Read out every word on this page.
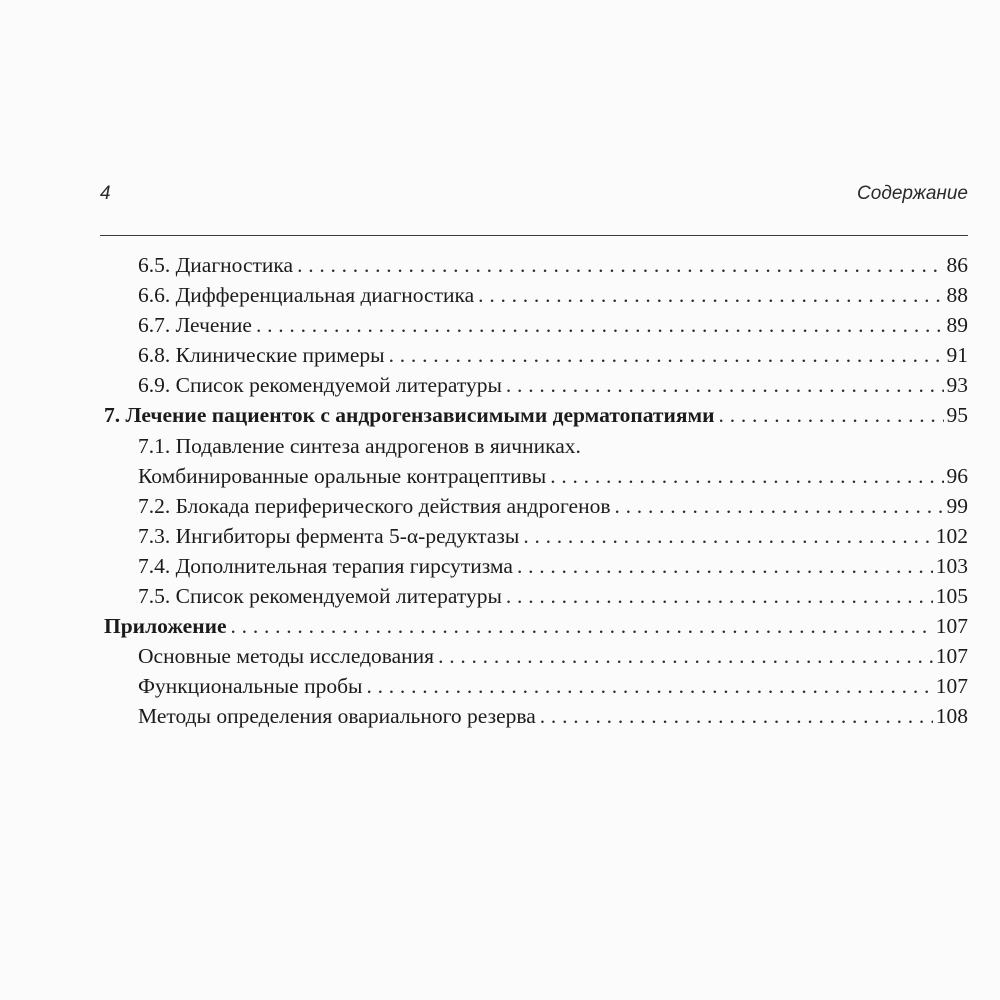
4	Содержание
6.5. Диагностика . . .	86
6.6. Дифференциальная диагностика . . .	88
6.7. Лечение . . .	89
6.8. Клинические примеры . . .	91
6.9. Список рекомендуемой литературы . . .	93
7. Лечение пациенток с андрогензависимыми дерматопатиями . . .	95
7.1. Подавление синтеза андрогенов в яичниках.
Комбинированные оральные контрацептивы . . .	96
7.2. Блокада периферического действия андрогенов . . .	99
7.3. Ингибиторы фермента 5-α-редуктазы . . .	102
7.4. Дополнительная терапия гирсутизма . . .	103
7.5. Список рекомендуемой литературы . . .	105
Приложение . . .	107
Основные методы исследования . . .	107
Функциональные пробы . . .	107
Методы определения овариального резерва . . .	108
